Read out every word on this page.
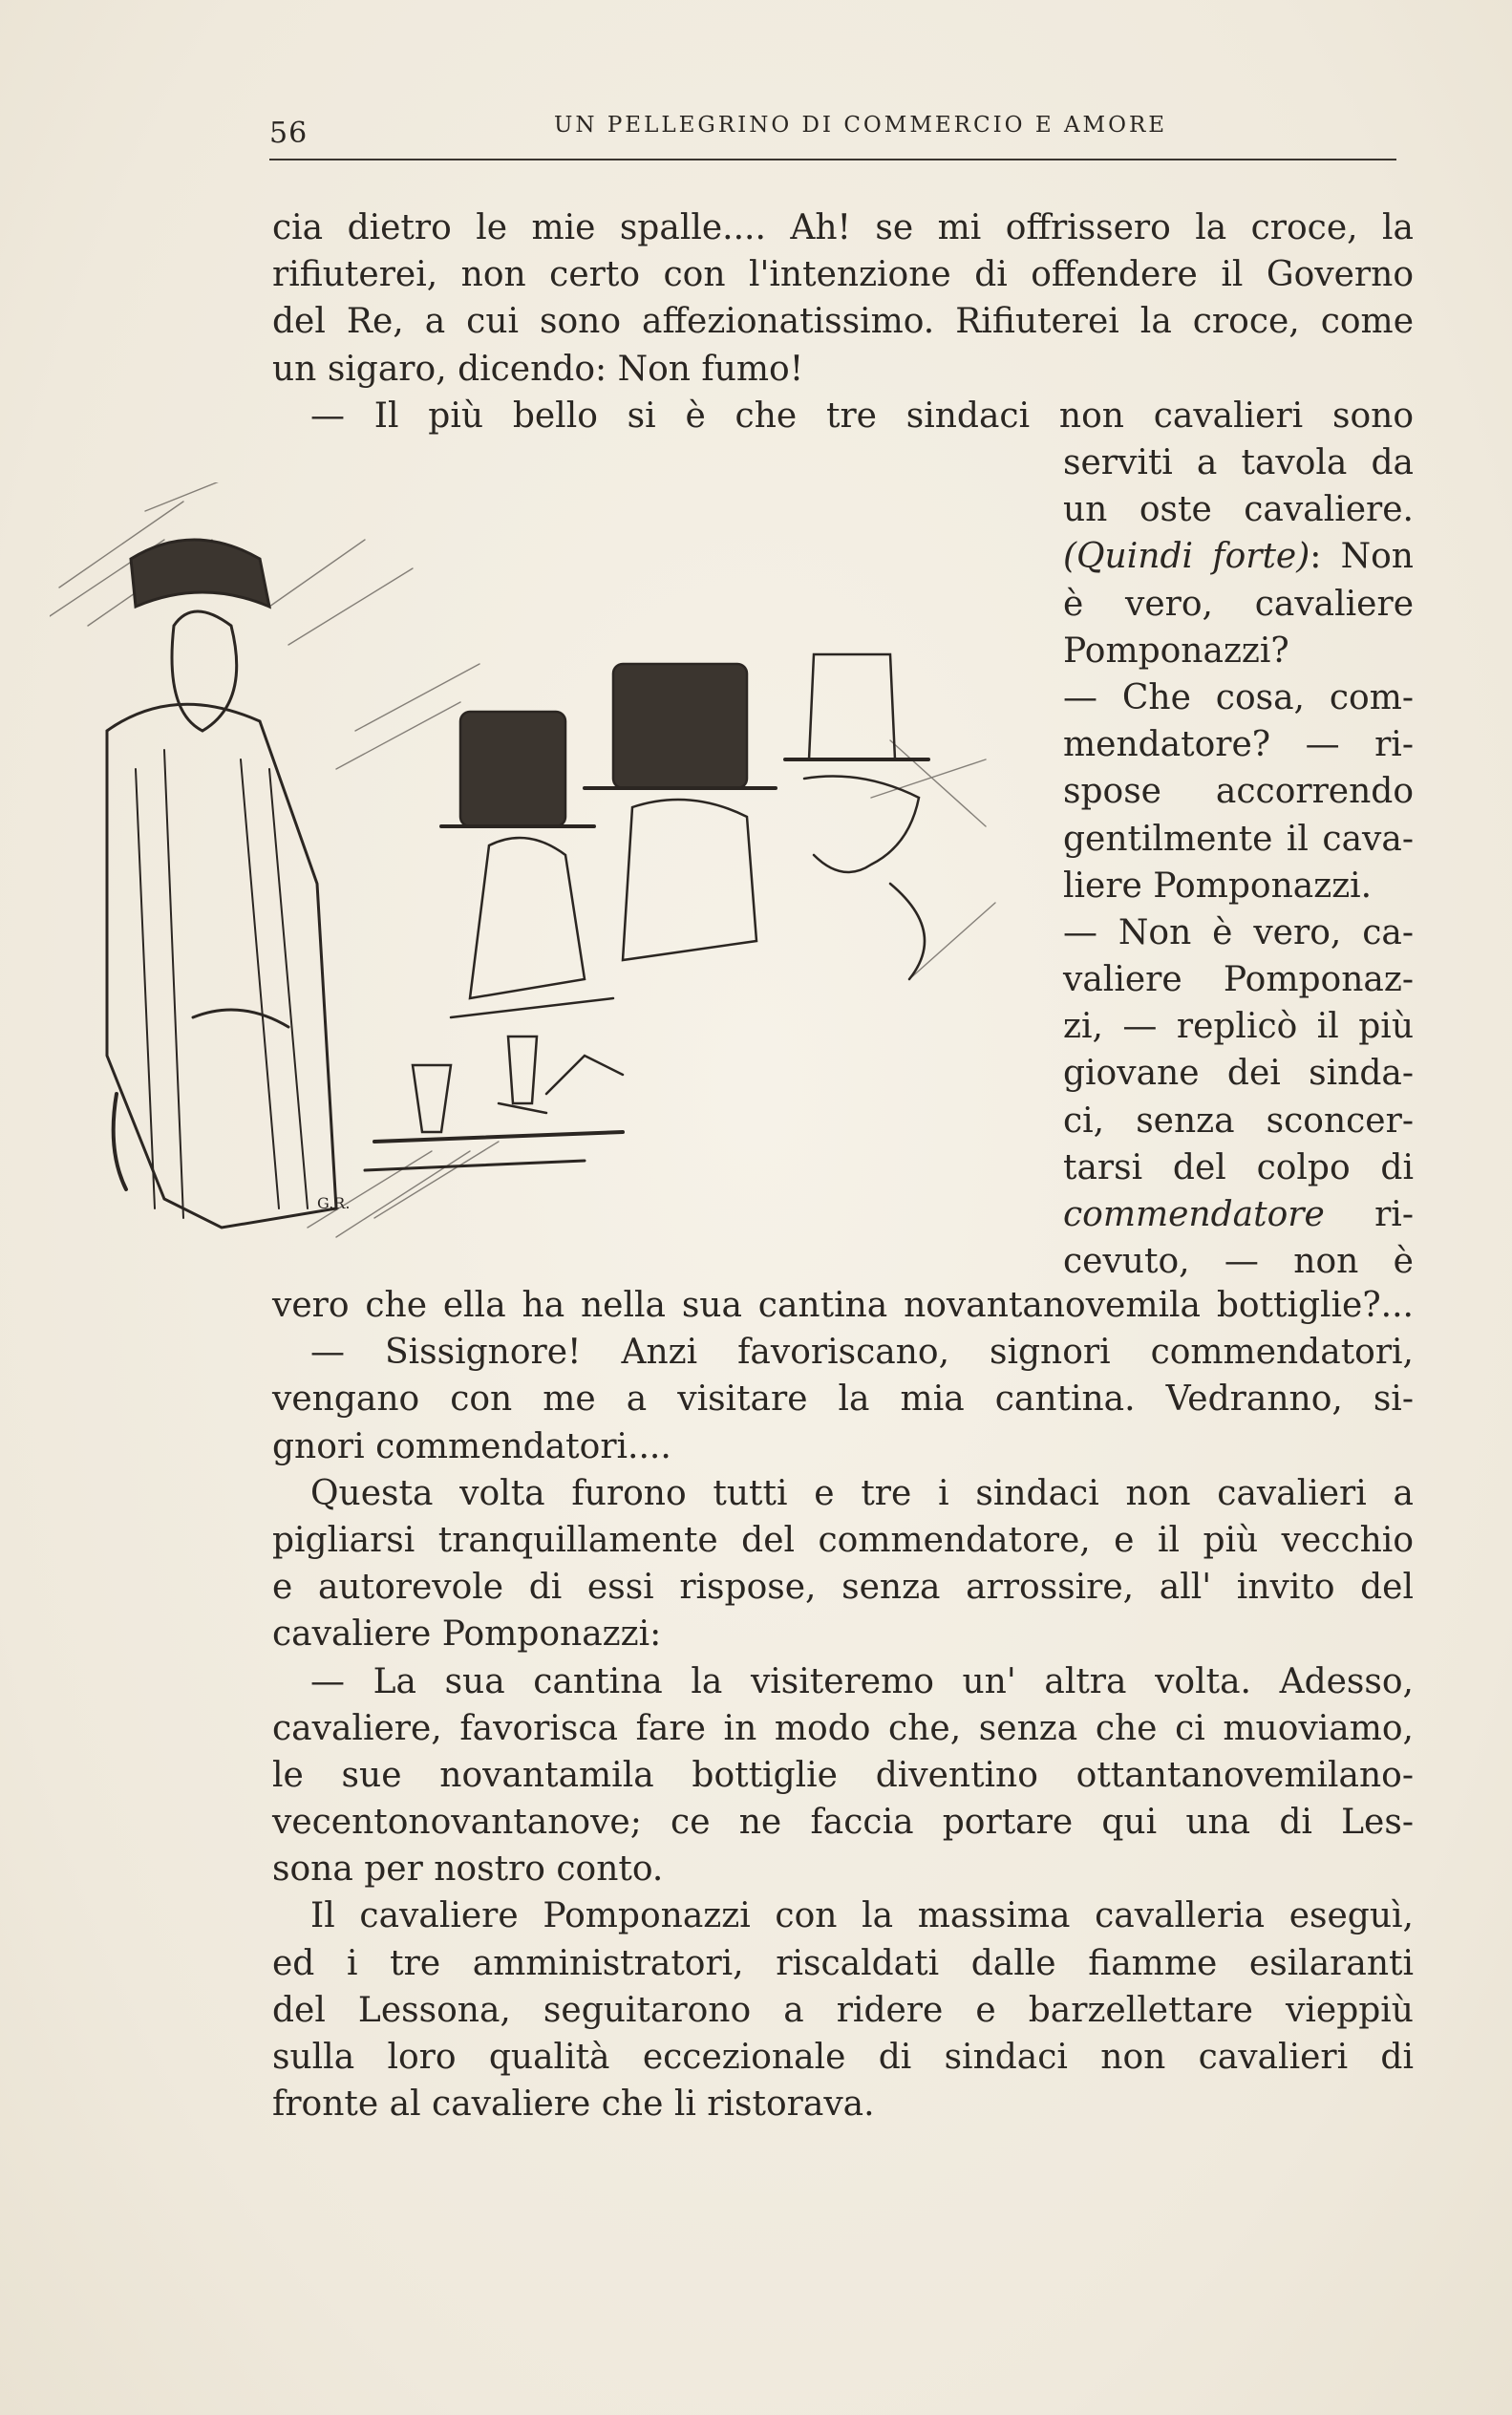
56	UN PELLEGRINO DI COMMERCIO E AMORE
cia dietro le mie spalle.... Ah! se mi offrissero la croce, la
rifiuterei, non certo con l'intenzione di offendere il Governo
del Re, a cui sono affezionatissimo. Rifiuterei la croce, come
un sigaro, dicendo: Non fumo!
— Il più bello si è che tre sindaci non cavalieri sono
serviti a tavola da
un oste cavaliere.
(Quindi forte): Non
è vero, cavaliere
Pomponazzi?
— Che cosa, com-
mendatore? — ri-
spose accorrendo
gentilmente il cava-
liere Pomponazzi.
— Non è vero, ca-
valiere Pomponaz-
zi, — replicò il più
giovane dei sinda-
ci, senza sconcer-
tarsi del colpo di
commendatore ri-
cevuto, — non è
G.R.
vero che ella ha nella sua cantina novantanovemila bottiglie?...
— Sissignore! Anzi favoriscano, signori commendatori,
vengano con me a visitare la mia cantina. Vedranno, si-
gnori commendatori....
Questa volta furono tutti e tre i sindaci non cavalieri a
pigliarsi tranquillamente del commendatore, e il più vecchio
e autorevole di essi rispose, senza arrossire, all' invito del
cavaliere Pomponazzi:
— La sua cantina la visiteremo un' altra volta. Adesso,
cavaliere, favorisca fare in modo che, senza che ci muoviamo,
le sue novantamila bottiglie diventino ottantanovemilano-
vecentonovantanove; ce ne faccia portare qui una di Les-
sona per nostro conto.
Il cavaliere Pomponazzi con la massima cavalleria eseguì,
ed i tre amministratori, riscaldati dalle fiamme esilaranti
del Lessona, seguitarono a ridere e barzellettare vieppiù
sulla loro qualità eccezionale di sindaci non cavalieri di
fronte al cavaliere che li ristorava.
